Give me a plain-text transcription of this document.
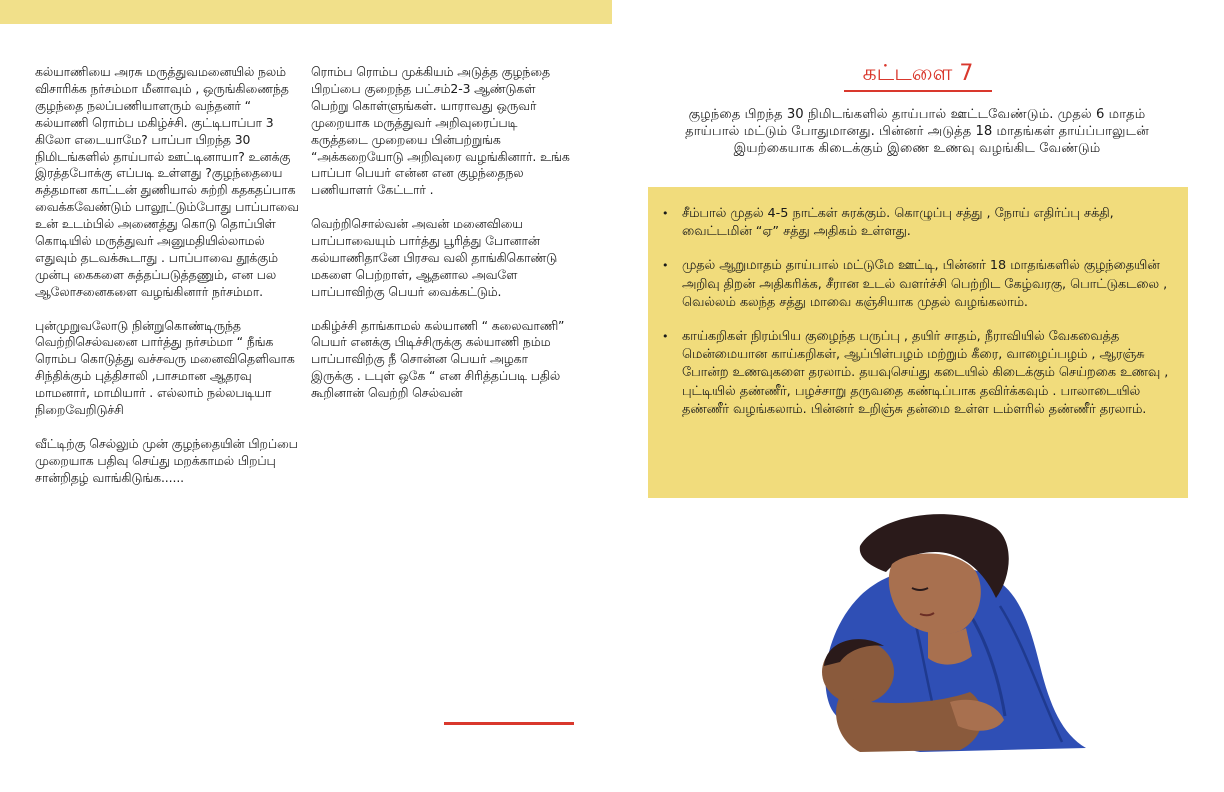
கல்யாணியை அரசு மருத்துவமனையில் நலம் விசாரிக்க நர்சம்மா மீனாவும் , ஒருங்கிணைந்த குழந்தை நலப்பணியாளரும் வந்தனர் “ கல்யாணி ரொம்ப மகிழ்ச்சி. குட்டிபாப்பா 3 கிலோ எடையாமே? பாப்பா பிறந்த 30 நிமிடங்களில் தாய்பால் ஊட்டினாயா? உனக்கு இரத்தபோக்கு எப்படி உள்ளது ?குழந்தையை சுத்தமான காட்டன் துணியால் சுற்றி கதகதப்பாக வைக்கவேண்டும் பாலூட்டும்போது பாப்பாவை உன் உடம்பில் அணைத்து கொடு தொப்பிள் கொடியில் மருத்துவர் அனுமதியில்லாமல் எதுவும் தடவக்கூடாது . பாப்பாவை தூக்கும் முன்பு கைகளை சுத்தப்படுத்தணும், என பல ஆலோசனைகளை வழங்கினார் நர்சம்மா.

புன்முறுவலோடு நின்றுகொண்டிருந்த வெற்றிசெல்வனை பார்த்து நர்சம்மா “ நீங்க ரொம்ப கொடுத்து வச்சவரு மனைவிதெளிவாக சிந்திக்கும் புத்திசாலி ,பாசமான ஆதரவு மாமனார், மாமியார் . எல்லாம் நல்லபடியா நிறைவேறிடுச்சி

வீட்டிற்கு செல்லும் முன் குழந்தையின் பிறப்பை முறையாக பதிவு செய்து மறக்காமல் பிறப்பு சான்றிதழ் வாங்கிடுங்க......

ரொம்ப ரொம்ப முக்கியம் அடுத்த குழந்தை பிறப்பை குறைந்த பட்சம்2-3 ஆண்டுகள் பெற்று கொள்ளுங்கள். யாராவது ஒருவர் முறையாக மருத்துவர் அறிவுரைப்படி கருத்தடை முறையை பின்பற்றுங்க “அக்கறையோடு அறிவுரை வழங்கினார். உங்க பாப்பா பெயர் என்ன என குழந்தைநல பணியாளர் கேட்டார் .

வெற்றிசொல்வன் அவன் மனைவியை பாப்பாவையும் பார்த்து பூரித்து போனான் கல்யாணிதானே பிரசவ வலி தாங்கிகொண்டு மகளை பெற்றாள், ஆதனால அவளே பாப்பாவிற்கு பெயர் வைக்கட்டும்.

மகிழ்ச்சி தாங்காமல் கல்யாணி “ கலைவாணி” பெயர் எனக்கு பிடிச்சிருக்கு கல்யாணி நம்ம பாப்பாவிற்கு நீ சொன்ன பெயர் அழகா இருக்கு . டபுள் ஒகே “ என சிரித்தப்படி பதில் கூறினான் வெற்றி செல்வன்

கட்டளை 7
குழந்தை பிறந்த 30 நிமிடங்களில் தாய்பால் ஊட்டவேண்டும். முதல் 6 மாதம் தாய்பால் மட்டும் போதுமானது. பின்னர் அடுத்த 18 மாதங்கள் தாய்ப்பாலுடன் இயற்கையாக கிடைக்கும் இணை உணவு வழங்கிட வேண்டும்
• சீம்பால் முதல் 4-5 நாட்கள் சுரக்கும். கொழுப்பு சத்து , நோய் எதிர்ப்பு சக்தி, வைட்டமின் “ஏ” சத்து அதிகம் உள்ளது.
• முதல் ஆறுமாதம் தாய்பால் மட்டுமே ஊட்டி, பின்னர் 18 மாதங்களில் குழந்தையின் அறிவு திறன் அதிகரிக்க, சீரான உடல் வளர்ச்சி பெற்றிட கேழ்வரகு, பொட்டுகடலை , வெல்லம் கலந்த சத்து மாவை கஞ்சியாக முதல் வழங்கலாம்.
• காய்கறிகள் நிரம்பிய குழைந்த பருப்பு , தயிர் சாதம், நீராவியில் வேகவைத்த மென்மையான காய்கறிகள், ஆப்பிள்பழம் மற்றும் கீரை, வாழைப்பழம் , ஆரஞ்சு போன்ற உணவுகளை தரலாம். தயவுசெய்து கடையில் கிடைக்கும் செய்றகை உணவு , புட்டியில் தண்ணீர், பழச்சாறு தருவதை கண்டிப்பாக தவிர்க்கவும் . பாலாடையில் தண்ணீர் வழங்கலாம். பின்னர் உறிஞ்சு தன்மை உள்ள டம்ளரில் தண்ணீர் தரலாம்.
